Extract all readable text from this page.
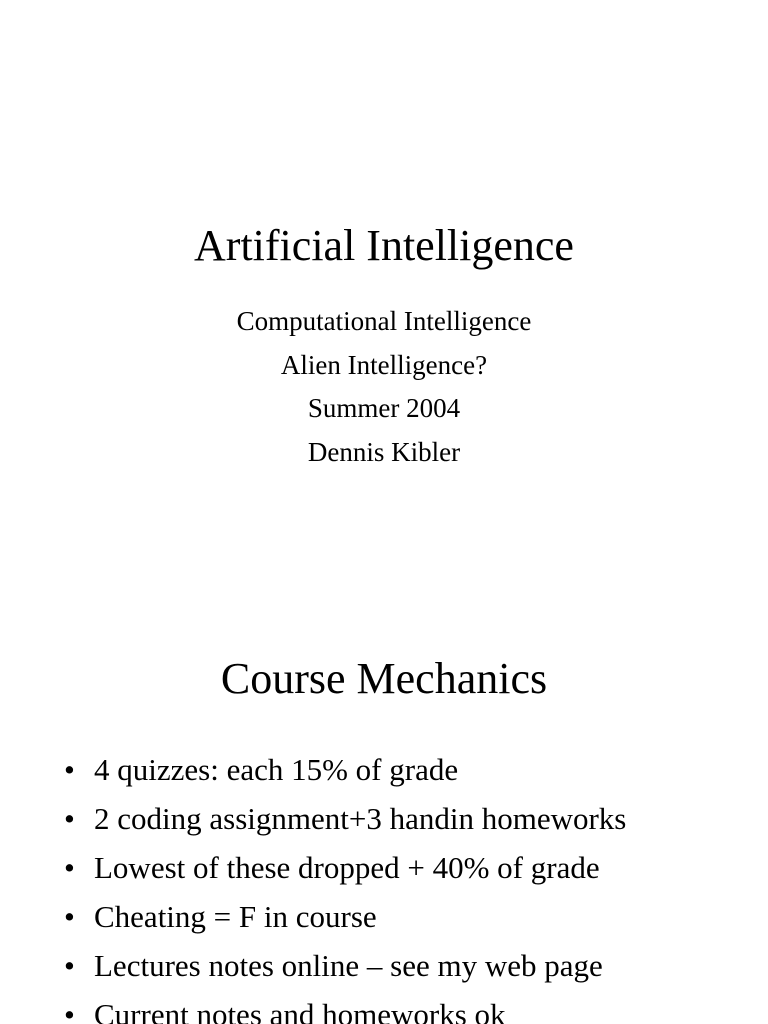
Artificial Intelligence
Computational Intelligence
Alien Intelligence?
Summer 2004
Dennis Kibler
Course Mechanics
• 4 quizzes: each 15% of grade
• 2 coding assignment+3 handin homeworks
• Lowest of these dropped + 40% of grade
• Cheating = F in course
• Lectures notes online – see my web page
• Current notes and homeworks ok
